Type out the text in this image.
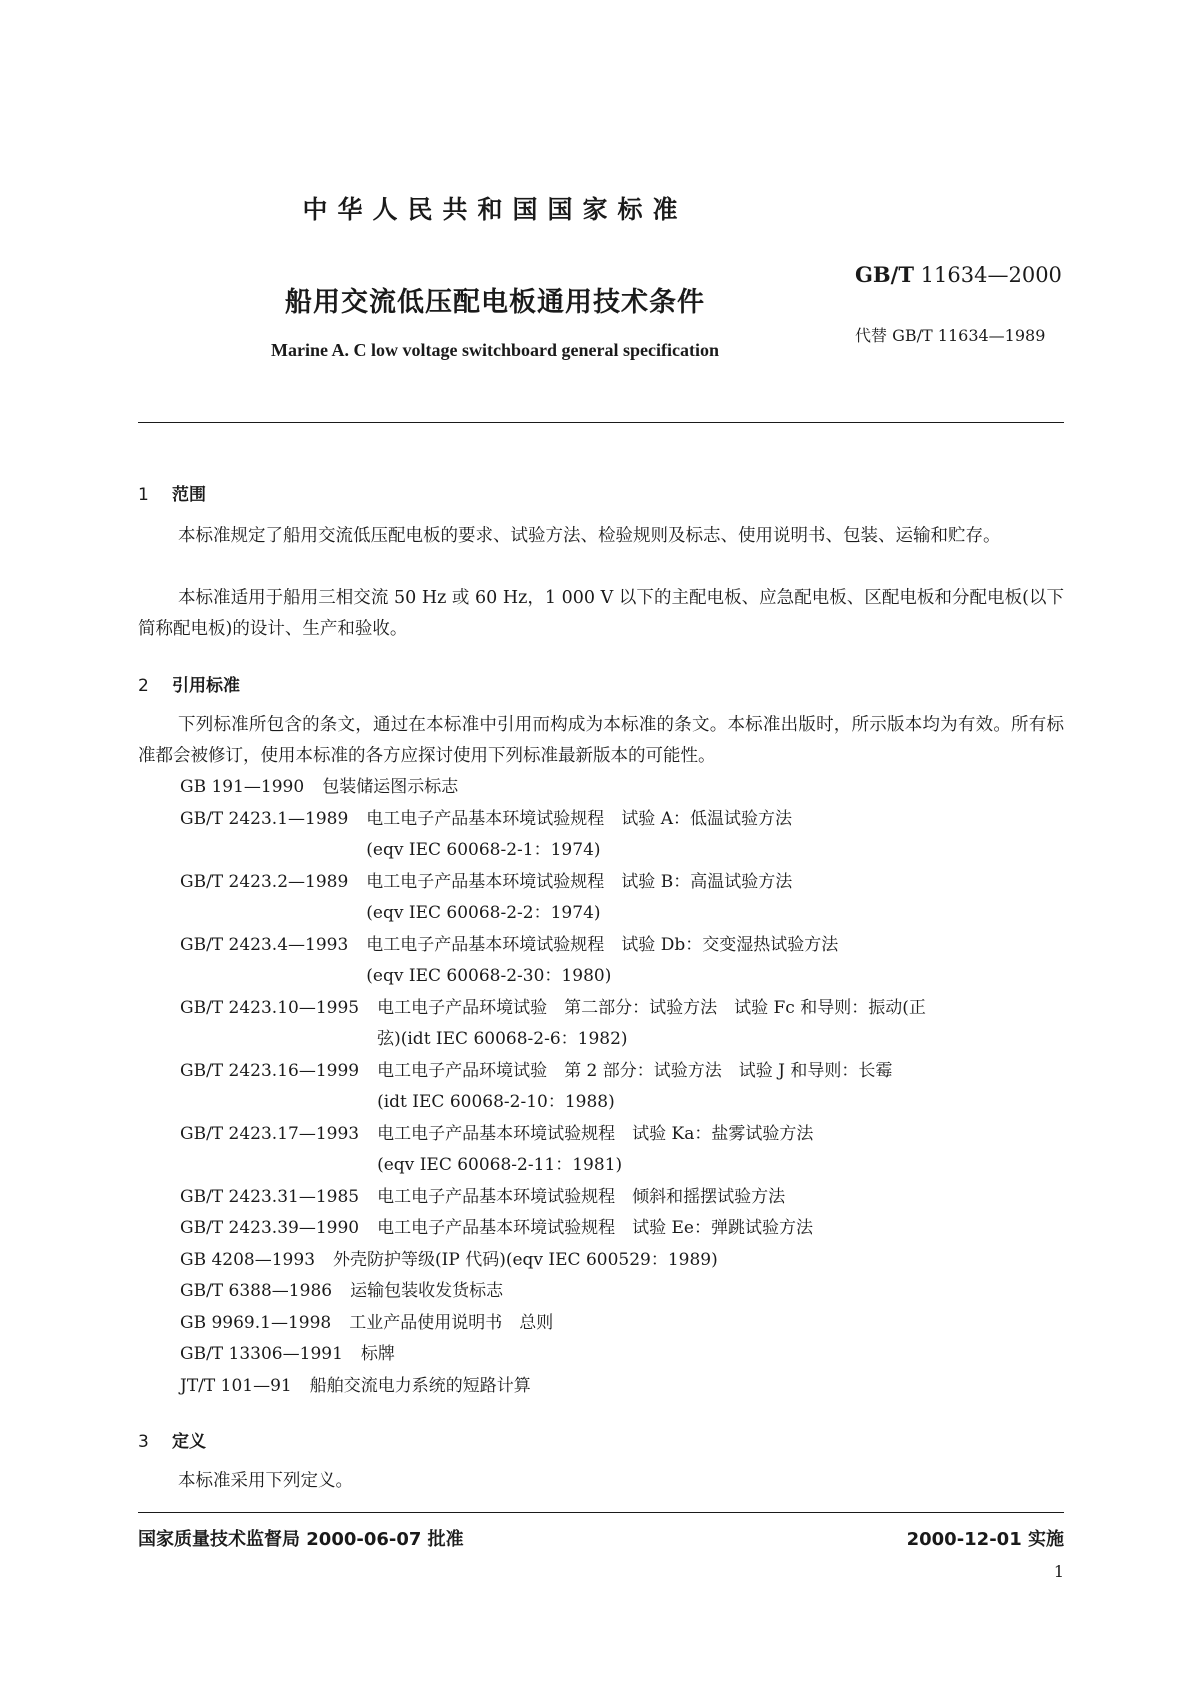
中华人民共和国国家标准
GB/T 11634—2000
船用交流低压配电板通用技术条件
代替 GB/T 11634—1989
Marine A. C low voltage switchboard general specification
1 范围
本标准规定了船用交流低压配电板的要求、试验方法、检验规则及标志、使用说明书、包装、运输和贮存。
本标准适用于船用三相交流 50 Hz 或 60 Hz，1 000 V 以下的主配电板、应急配电板、区配电板和分配电板(以下简称配电板)的设计、生产和验收。
2 引用标准
下列标准所包含的条文，通过在本标准中引用而构成为本标准的条文。本标准出版时，所示版本均为有效。所有标准都会被修订，使用本标准的各方应探讨使用下列标准最新版本的可能性。
GB 191—1990	包装储运图示标志
GB/T 2423.1—1989	电工电子产品基本环境试验规程　试验 A：低温试验方法
(eqv IEC 60068-2-1：1974)
GB/T 2423.2—1989	电工电子产品基本环境试验规程　试验 B：高温试验方法
(eqv IEC 60068-2-2：1974)
GB/T 2423.4—1993	电工电子产品基本环境试验规程　试验 Db：交变湿热试验方法
(eqv IEC 60068-2-30：1980)
GB/T 2423.10—1995	电工电子产品环境试验　第二部分：试验方法　试验 Fc 和导则：振动(正
弦)(idt IEC 60068-2-6：1982)
GB/T 2423.16—1999	电工电子产品环境试验　第 2 部分：试验方法　试验 J 和导则：长霉
(idt IEC 60068-2-10：1988)
GB/T 2423.17—1993	电工电子产品基本环境试验规程　试验 Ka：盐雾试验方法
(eqv IEC 60068-2-11：1981)
GB/T 2423.31—1985	电工电子产品基本环境试验规程　倾斜和摇摆试验方法
GB/T 2423.39—1990	电工电子产品基本环境试验规程　试验 Ee：弹跳试验方法
GB 4208—1993	外壳防护等级(IP 代码)(eqv IEC 600529：1989)
GB/T 6388—1986	运输包装收发货标志
GB 9969.1—1998	工业产品使用说明书　总则
GB/T 13306—1991	标牌
JT/T 101—91	船舶交流电力系统的短路计算
3 定义
本标准采用下列定义。
国家质量技术监督局 2000-06-07 批准	2000-12-01 实施
1
